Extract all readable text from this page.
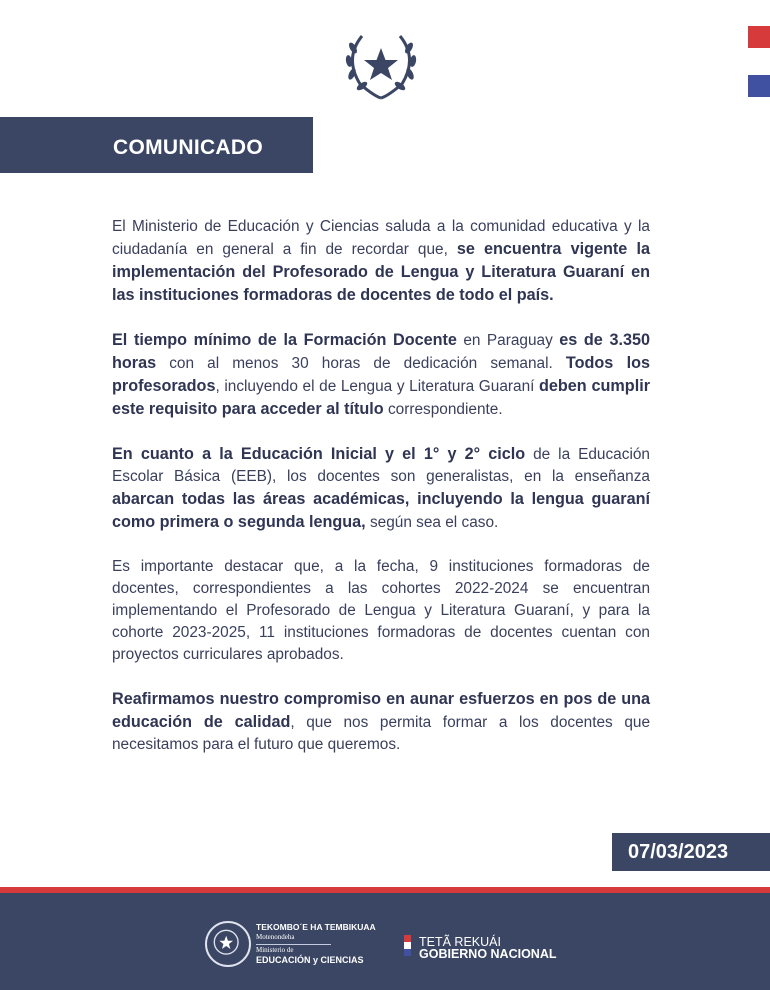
COMUNICADO

El Ministerio de Educación y Ciencias saluda a la comunidad educativa y la ciudadanía en general a fin de recordar que, se encuentra vigente la implementación del Profesorado de Lengua y Literatura Guaraní en las instituciones formadoras de docentes de todo el país.

El tiempo mínimo de la Formación Docente en Paraguay es de 3.350 horas con al menos 30 horas de dedicación semanal. Todos los profesorados, incluyendo el de Lengua y Literatura Guaraní deben cumplir este requisito para acceder al título correspondiente.

En cuanto a la Educación Inicial y el 1° y 2° ciclo de la Educación Escolar Básica (EEB), los docentes son generalistas, en la enseñanza abarcan todas las áreas académicas, incluyendo la lengua guaraní como primera o segunda lengua, según sea el caso.

Es importante destacar que, a la fecha, 9 instituciones formadoras de docentes, correspondientes a las cohortes 2022-2024 se encuentran implementando el Profesorado de Lengua y Literatura Guaraní, y para la cohorte 2023-2025, 11 instituciones formadoras de docentes cuentan con proyectos curriculares aprobados.

Reafirmamos nuestro compromiso en aunar esfuerzos en pos de una educación de calidad, que nos permita formar a los docentes que necesitamos para el futuro que queremos.

07/03/2023
TEKOMBO´E HA TEMBIKUAA
Motenondeha
Ministerio de
EDUCACIÓN y CIENCIAS
TETÃ REKUÁI
GOBIERNO NACIONAL
